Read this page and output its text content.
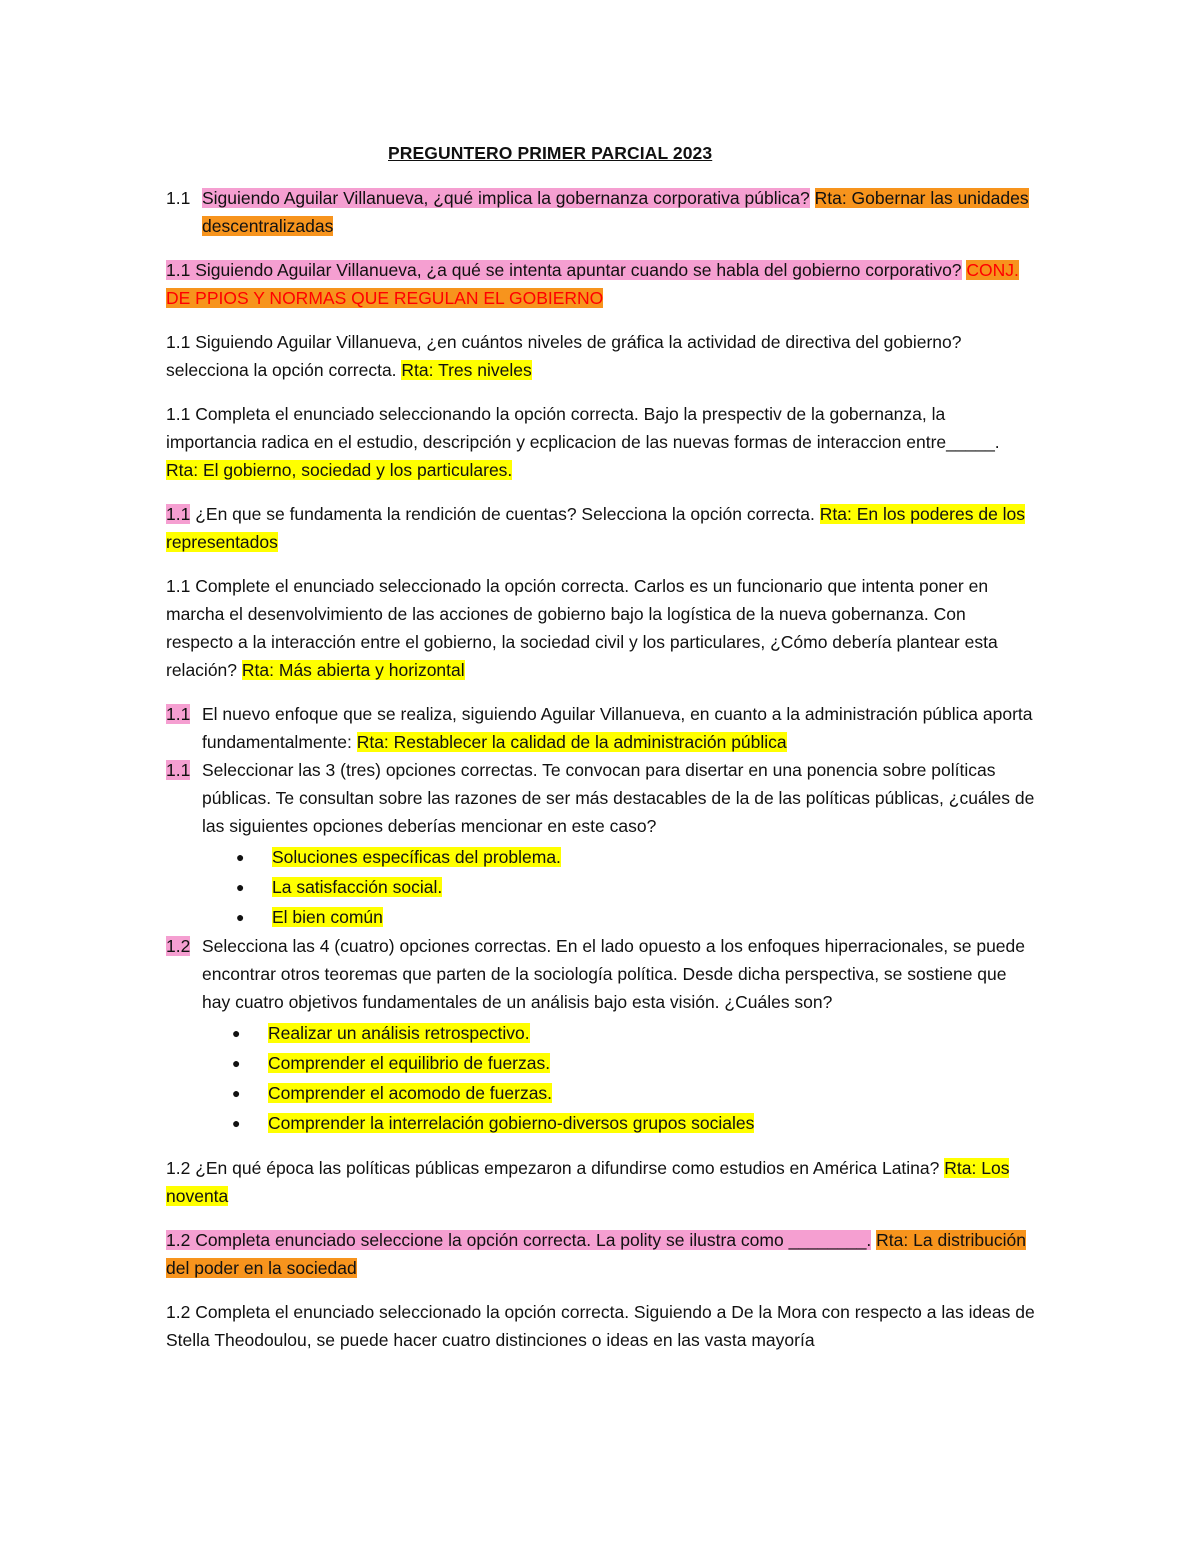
PREGUNTERO PRIMER PARCIAL 2023

1.1 Siguiendo Aguilar Villanueva, ¿qué implica la gobernanza corporativa pública? Rta: Gobernar las unidades descentralizadas

1.1 Siguiendo Aguilar Villanueva, ¿a qué se intenta apuntar cuando se habla del gobierno corporativo? CONJ. DE PPIOS Y NORMAS QUE REGULAN EL GOBIERNO

1.1 Siguiendo Aguilar Villanueva, ¿en cuántos niveles de gráfica la actividad de directiva del gobierno? selecciona la opción correcta. Rta: Tres niveles

1.1 Completa el enunciado seleccionando la opción correcta. Bajo la prespectiv de la gobernanza, la importancia radica en el estudio, descripción y ecplicacion de las nuevas formas de interaccion entre_____. Rta: El gobierno, sociedad y los particulares.

1.1 ¿En que se fundamenta la rendición de cuentas? Selecciona la opción correcta. Rta: En los poderes de los representados

1.1 Complete el enunciado seleccionado la opción correcta. Carlos es un funcionario que intenta poner en marcha el desenvolvimiento de las acciones de gobierno bajo la logística de la nueva gobernanza. Con respecto a la interacción entre el gobierno, la sociedad civil y los particulares, ¿Cómo debería plantear esta relación? Rta: Más abierta y horizontal

1.1 El nuevo enfoque que se realiza, siguiendo Aguilar Villanueva, en cuanto a la administración pública aporta fundamentalmente: Rta: Restablecer la calidad de la administración pública

1.1 Seleccionar las 3 (tres) opciones correctas. Te convocan para disertar en una ponencia sobre políticas públicas. Te consultan sobre las razones de ser más destacables de la de las políticas públicas, ¿cuáles de las siguientes opciones deberías mencionar en este caso?

● Soluciones específicas del problema.
● La satisfacción social.
● El bien común

1.2 Selecciona las 4 (cuatro) opciones correctas. En el lado opuesto a los enfoques hiperracionales, se puede encontrar otros teoremas que parten de la sociología política. Desde dicha perspectiva, se sostiene que hay cuatro objetivos fundamentales de un análisis bajo esta visión. ¿Cuáles son?

● Realizar un análisis retrospectivo.
● Comprender el equilibrio de fuerzas.
● Comprender el acomodo de fuerzas.
● Comprender la interrelación gobierno-diversos grupos sociales

1.2 ¿En qué época las políticas públicas empezaron a difundirse como estudios en América Latina? Rta: Los noventa

1.2 Completa enunciado seleccione la opción correcta. La polity se ilustra como ________. Rta: La distribución del poder en la sociedad

1.2 Completa el enunciado seleccionado la opción correcta. Siguiendo a De la Mora con respecto a las ideas de Stella Theodoulou, se puede hacer cuatro distinciones o ideas en las vasta mayoría
